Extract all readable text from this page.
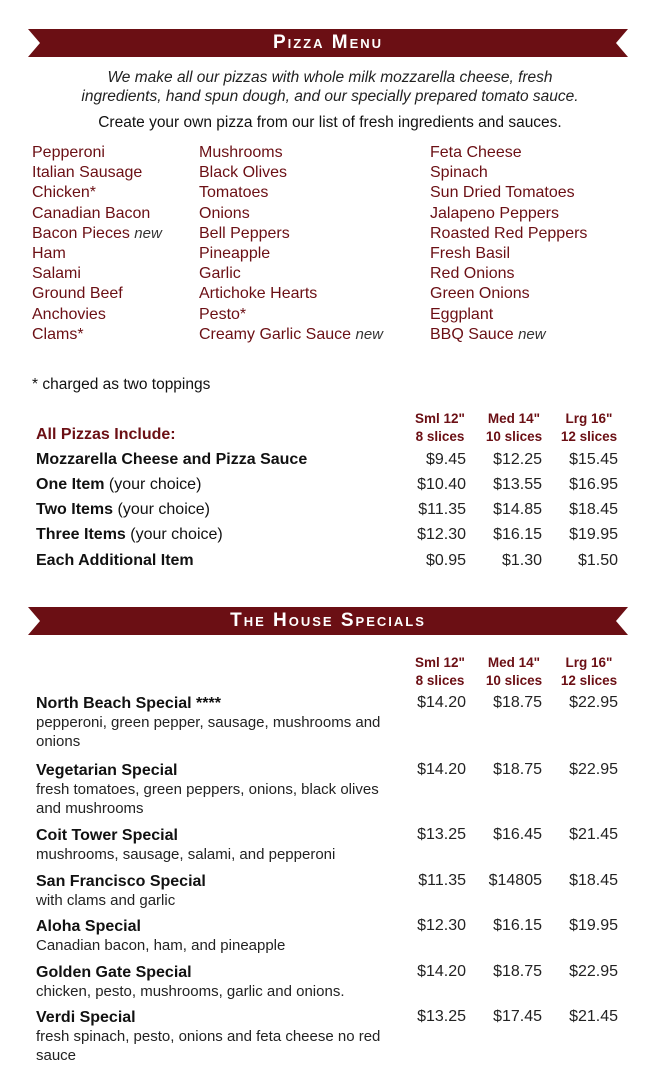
Pizza Menu
We make all our pizzas with whole milk mozzarella cheese, fresh
ingredients, hand spun dough, and our specially prepared tomato sauce.
Create your own pizza from our list of fresh ingredients and sauces.
Pepperoni
Italian Sausage
Chicken*
Canadian Bacon
Bacon Pieces new
Ham
Salami
Ground Beef
Anchovies
Clams*
Mushrooms
Black Olives
Tomatoes
Onions
Bell Peppers
Pineapple
Garlic
Artichoke Hearts
Pesto*
Creamy Garlic Sauce new
Feta Cheese
Spinach
Sun Dried Tomatoes
Jalapeno Peppers
Roasted Red Peppers
Fresh Basil
Red Onions
Green Onions
Eggplant
BBQ Sauce new
* charged as two toppings
Sml 12"
8 slices
Med 14"
10 slices
Lrg 16"
12 slices
All Pizzas Include:
Mozzarella Cheese and Pizza Sauce	$9.45	$12.25	$15.45
One Item (your choice)	$10.40	$13.55	$16.95
Two Items (your choice)	$11.35	$14.85	$18.45
Three Items (your choice)	$12.30	$16.15	$19.95
Each Additional Item	$0.95	$1.30	$1.50
The House Specials
Sml 12"
8 slices
Med 14"
10 slices
Lrg 16"
12 slices
North Beach Special ****
pepperoni, green pepper, sausage, mushrooms and onions
$14.20	$18.75	$22.95
Vegetarian Special
fresh tomatoes, green peppers, onions, black olives and mushrooms
$14.20	$18.75	$22.95
Coit Tower Special
mushrooms, sausage, salami, and pepperoni
$13.25	$16.45	$21.45
San Francisco Special
with clams and garlic
$11.35	$14805	$18.45
Aloha Special
Canadian bacon, ham, and pineapple
$12.30	$16.15	$19.95
Golden Gate Special
chicken, pesto, mushrooms, garlic and onions.
$14.20	$18.75	$22.95
Verdi Special
fresh spinach, pesto, onions and feta cheese no red sauce
$13.25	$17.45	$21.45
